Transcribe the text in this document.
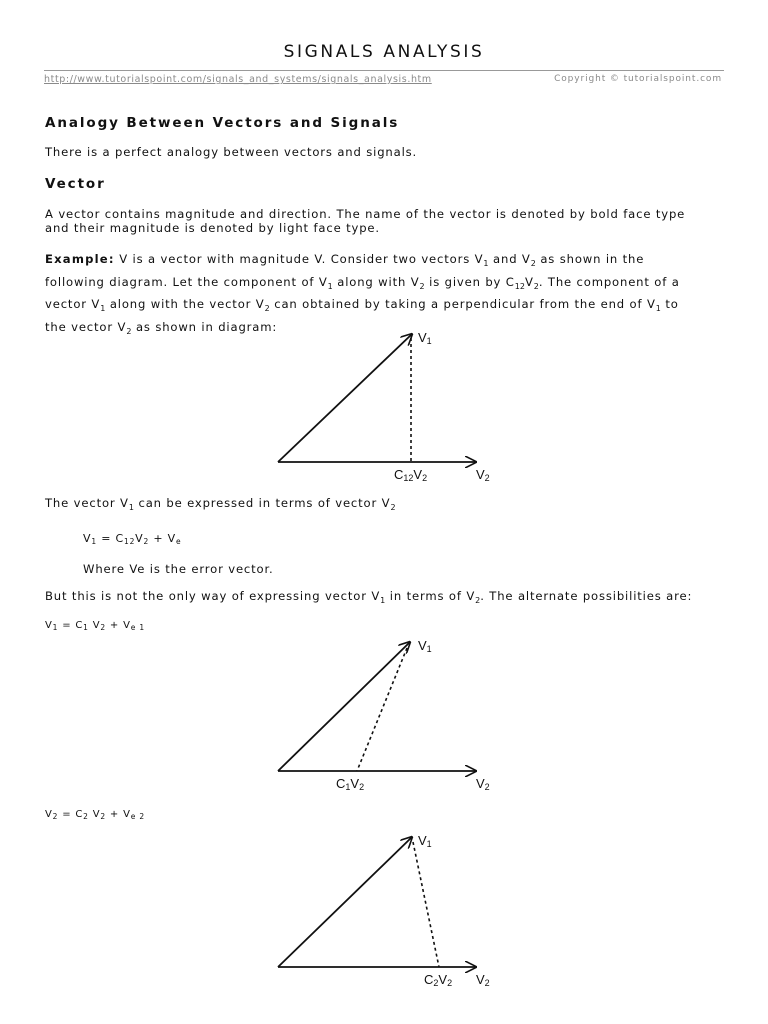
SIGNALS ANALYSIS
http://www.tutorialspoint.com/signals_and_systems/signals_analysis.htm	Copyright © tutorialspoint.com
Analogy Between Vectors and Signals
There is a perfect analogy between vectors and signals.
Vector
A vector contains magnitude and direction. The name of the vector is denoted by bold face type
and their magnitude is denoted by light face type.
Example: V is a vector with magnitude V. Consider two vectors $V_1$ and $V_2$ as shown in the
following diagram. Let the component of $V_1$ along with $V_2$ is given by $C_{12}V_2$. The component of a
vector $V_1$ along with the vector $V_2$ can obtained by taking a perpendicular from the end of $V_1$ to
the vector $V_2$ as shown in diagram:
V1
C12V2	V2
V1
C1V2	V2
V1
C2V2 V2
The vector $V_1$ can be expressed in terms of vector $V_2$
$V_1 = C_{12}V_2 + V_e$
Where Ve is the error vector.
But this is not the only way of expressing vector $V_1$ in terms of $V_2$. The alternate possibilities are:
$V_1 = C_1$ $V_2 + V_{e 1}$
$V_2 = C_2$ $V_2 + V_{e 2}$
